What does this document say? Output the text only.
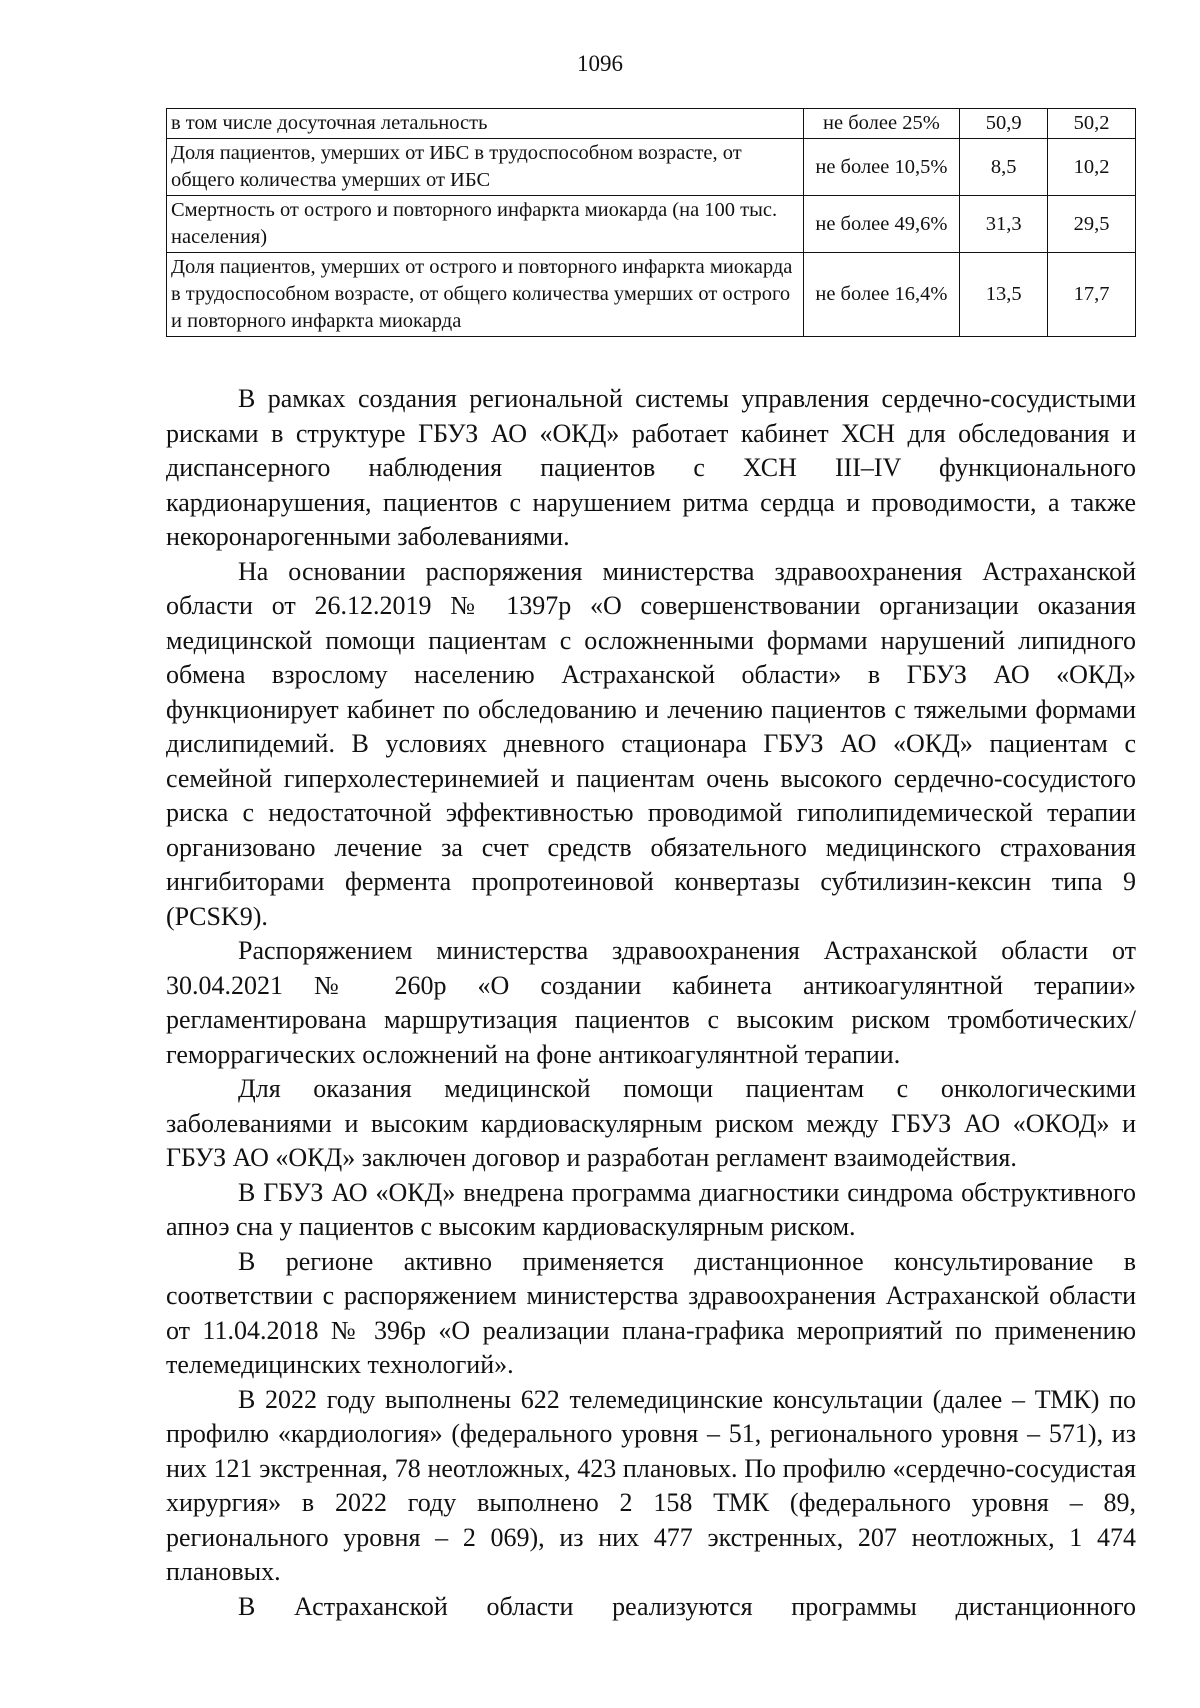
1096
в том числе досуточная летальность	не более 25%	50,9	50,2
Доля пациентов, умерших от ИБС в трудоспособном возрасте, от общего количества умерших от ИБС	не более 10,5%	8,5	10,2
Смертность от острого и повторного инфаркта миокарда (на 100 тыс. населения)	не более 49,6%	31,3	29,5
Доля пациентов, умерших от острого и повторного инфаркта миокарда в трудоспособном возрасте, от общего количества умерших от острого и повторного инфаркта миокарда	не более 16,4%	13,5	17,7

В рамках создания региональной системы управления сердечно-сосудистыми рисками в структуре ГБУЗ АО «ОКД» работает кабинет ХСН для обследования и диспансерного наблюдения пациентов с ХСН III–IV функционального кардионарушения, пациентов с нарушением ритма сердца и проводимости, а также некоронарогенными заболеваниями.

На основании распоряжения министерства здравоохранения Астраханской области от 26.12.2019 № 1397р «О совершенствовании организации оказания медицинской помощи пациентам с осложненными формами нарушений липидного обмена взрослому населению Астраханской области» в ГБУЗ АО «ОКД» функционирует кабинет по обследованию и лечению пациентов с тяжелыми формами дислипидемий. В условиях дневного стационара ГБУЗ АО «ОКД» пациентам с семейной гиперхолестеринемией и пациентам очень высокого сердечно-сосудистого риска с недостаточной эффективностью проводимой гиполипидемической терапии организовано лечение за счет средств обязательного медицинского страхования ингибиторами фермента пропротеиновой конвертазы субтилизин-кексин типа 9 (PCSK9).

Распоряжением министерства здравоохранения Астраханской области от 30.04.2021 № 260р «О создании кабинета антикоагулянтной терапии» регламентирована маршрутизация пациентов с высоким риском тромботических/геморрагических осложнений на фоне антикоагулянтной терапии.

Для оказания медицинской помощи пациентам с онкологическими заболеваниями и высоким кардиоваскулярным риском между ГБУЗ АО «ОКОД» и ГБУЗ АО «ОКД» заключен договор и разработан регламент взаимодействия.

В ГБУЗ АО «ОКД» внедрена программа диагностики синдрома обструктивного апноэ сна у пациентов с высоким кардиоваскулярным риском.

В регионе активно применяется дистанционное консультирование в соответствии с распоряжением министерства здравоохранения Астраханской области от 11.04.2018 № 396р «О реализации плана-графика мероприятий по применению телемедицинских технологий».

В 2022 году выполнены 622 телемедицинские консультации (далее – ТМК) по профилю «кардиология» (федерального уровня – 51, регионального уровня – 571), из них 121 экстренная, 78 неотложных, 423 плановых. По профилю «сердечно-сосудистая хирургия» в 2022 году выполнено 2 158 ТМК (федерального уровня – 89, регионального уровня – 2 069), из них 477 экстренных, 207 неотложных, 1 474 плановых.

В Астраханской области реализуются программы дистанционного
